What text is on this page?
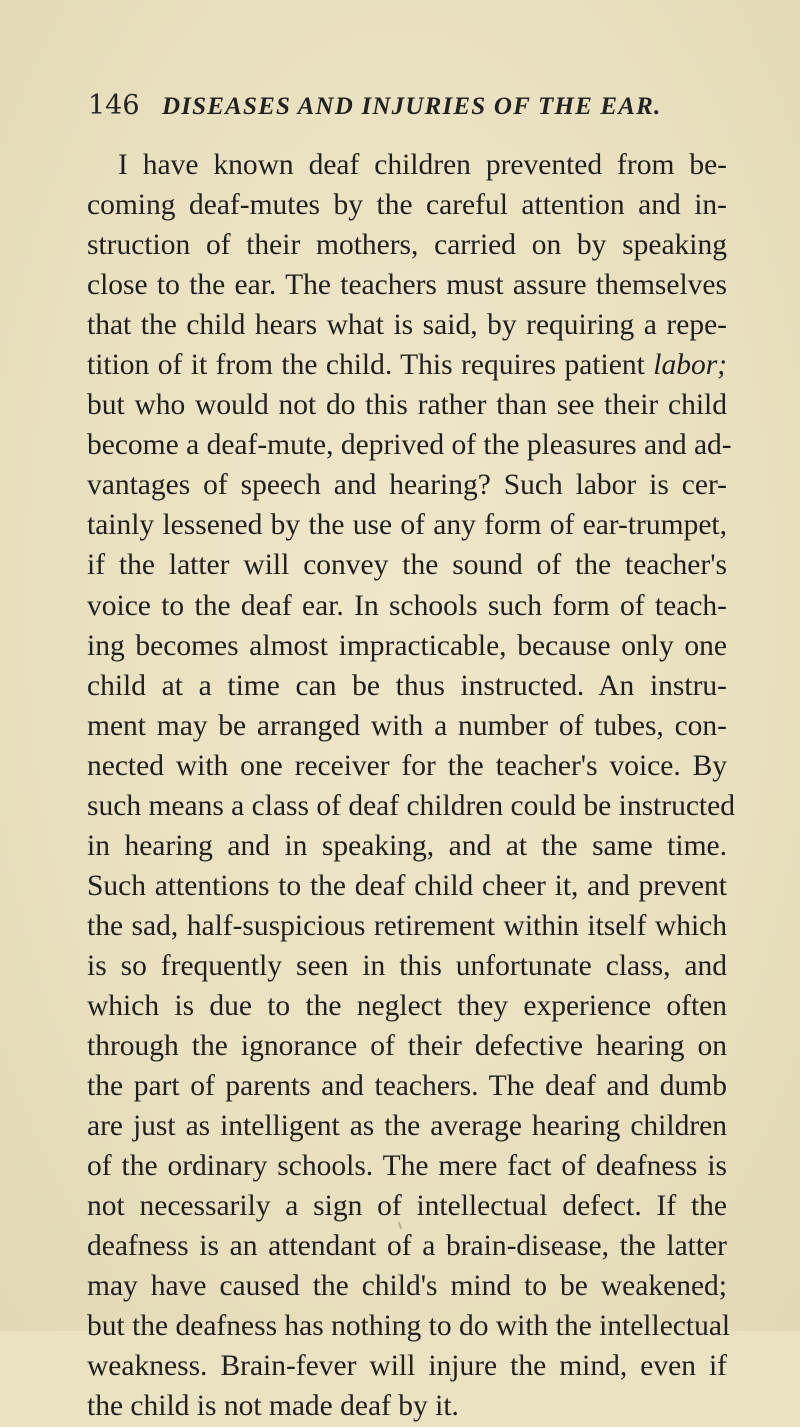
146 DISEASES AND INJURIES OF THE EAR.
I have known deaf children prevented from be-
coming deaf-mutes by the careful attention and in-
struction of their mothers, carried on by speaking
close to the ear. The teachers must assure themselves
that the child hears what is said, by requiring a repe-
tition of it from the child. This requires patient labor;
but who would not do this rather than see their child
become a deaf-mute, deprived of the pleasures and ad-
vantages of speech and hearing? Such labor is cer-
tainly lessened by the use of any form of ear-trumpet,
if the latter will convey the sound of the teacher's
voice to the deaf ear. In schools such form of teach-
ing becomes almost impracticable, because only one
child at a time can be thus instructed. An instru-
ment may be arranged with a number of tubes, con-
nected with one receiver for the teacher's voice. By
such means a class of deaf children could be instructed
in hearing and in speaking, and at the same time.
Such attentions to the deaf child cheer it, and prevent
the sad, half-suspicious retirement within itself which
is so frequently seen in this unfortunate class, and
which is due to the neglect they experience often
through the ignorance of their defective hearing on
the part of parents and teachers. The deaf and dumb
are just as intelligent as the average hearing children
of the ordinary schools. The mere fact of deafness is
not necessarily a sign of intellectual defect. If the
deafness is an attendant of a brain-disease, the latter
may have caused the child's mind to be weakened;
but the deafness has nothing to do with the intellectual
weakness. Brain-fever will injure the mind, even if
the child is not made deaf by it.
